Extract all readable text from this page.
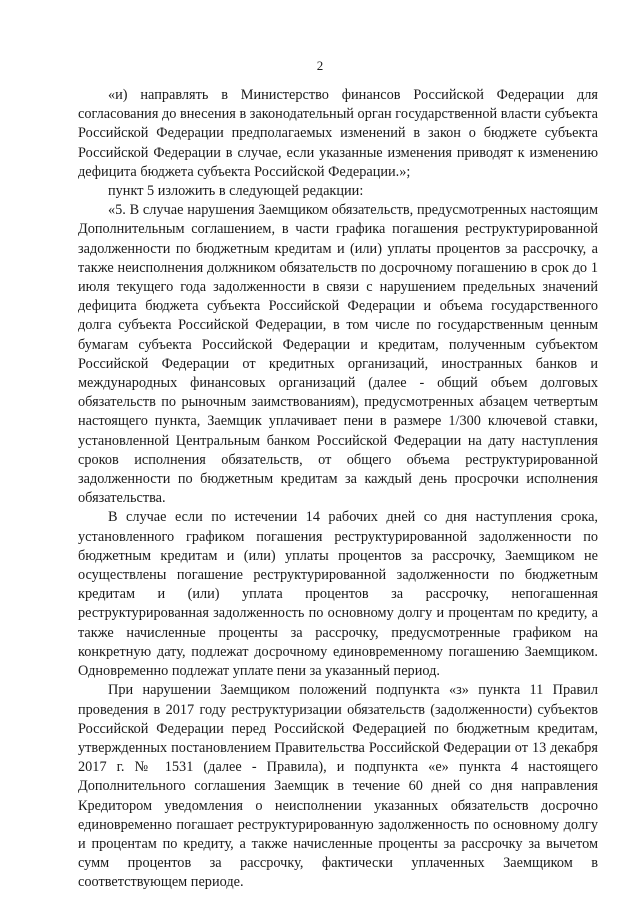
2

«и) направлять в Министерство финансов Российской Федерации для согласования до внесения в законодательный орган государственной власти субъекта Российской Федерации предполагаемых изменений в закон о бюджете субъекта Российской Федерации в случае, если указанные изменения приводят к изменению дефицита бюджета субъекта Российской Федерации.»;

пункт 5 изложить в следующей редакции:

«5. В случае нарушения Заемщиком обязательств, предусмотренных настоящим Дополнительным соглашением, в части графика погашения реструктурированной задолженности по бюджетным кредитам и (или) уплаты процентов за рассрочку, а также неисполнения должником обязательств по досрочному погашению в срок до 1 июля текущего года задолженности в связи с нарушением предельных значений дефицита бюджета субъекта Российской Федерации и объема государственного долга субъекта Российской Федерации, в том числе по государственным ценным бумагам субъекта Российской Федерации и кредитам, полученным субъектом Российской Федерации от кредитных организаций, иностранных банков и международных финансовых организаций (далее - общий объем долговых обязательств по рыночным заимствованиям), предусмотренных абзацем четвертым настоящего пункта, Заемщик уплачивает пени в размере 1/300 ключевой ставки, установленной Центральным банком Российской Федерации на дату наступления сроков исполнения обязательств, от общего объема реструктурированной задолженности по бюджетным кредитам за каждый день просрочки исполнения обязательства.

В случае если по истечении 14 рабочих дней со дня наступления срока, установленного графиком погашения реструктурированной задолженности по бюджетным кредитам и (или) уплаты процентов за рассрочку, Заемщиком не осуществлены погашение реструктурированной задолженности по бюджетным кредитам и (или) уплата процентов за рассрочку, непогашенная реструктурированная задолженность по основному долгу и процентам по кредиту, а также начисленные проценты за рассрочку, предусмотренные графиком на конкретную дату, подлежат досрочному единовременному погашению Заемщиком. Одновременно подлежат уплате пени за указанный период.

При нарушении Заемщиком положений подпункта «з» пункта 11 Правил проведения в 2017 году реструктуризации обязательств (задолженности) субъектов Российской Федерации перед Российской Федерацией по бюджетным кредитам, утвержденных постановлением Правительства Российской Федерации от 13 декабря 2017 г. № 1531 (далее - Правила), и подпункта «е» пункта 4 настоящего Дополнительного соглашения Заемщик в течение 60 дней со дня направления Кредитором уведомления о неисполнении указанных обязательств досрочно единовременно погашает реструктурированную задолженность по основному долгу и процентам по кредиту, а также начисленные проценты за рассрочку за вычетом сумм процентов за рассрочку, фактически уплаченных Заемщиком в соответствующем периоде.
